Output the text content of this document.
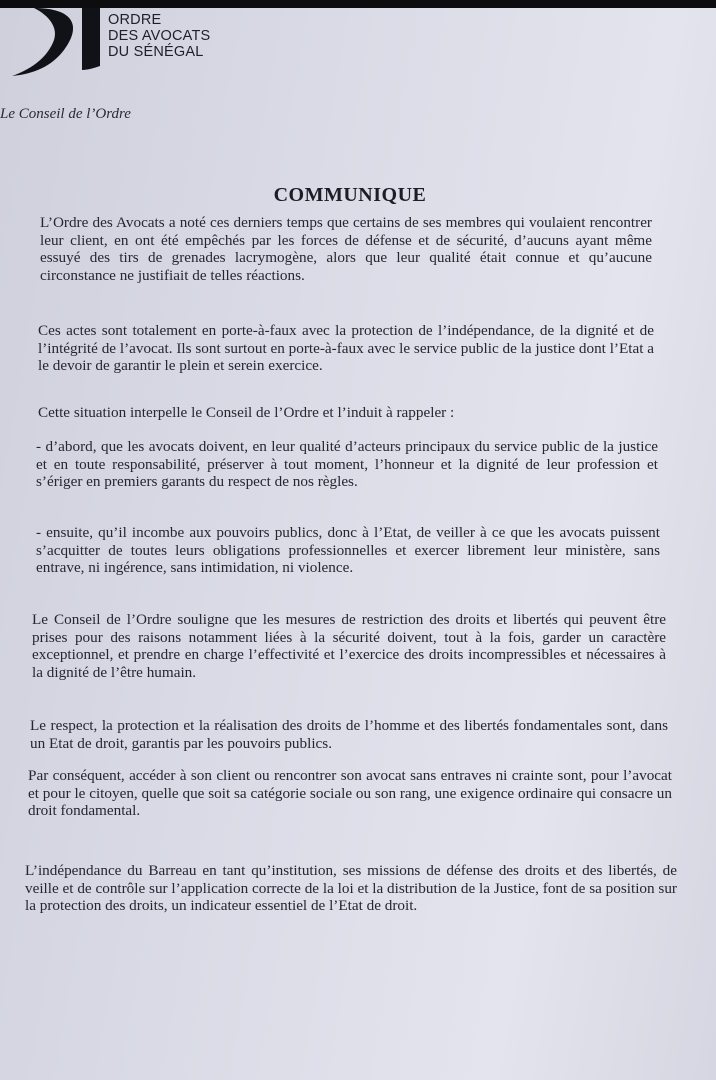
ORDRE
DES AVOCATS
DU SÉNÉGAL
Le Conseil de l’Ordre
COMMUNIQUE

L’Ordre des Avocats a noté ces derniers temps que certains de ses membres qui voulaient rencontrer leur client, en ont été empêchés par les forces de défense et de sécurité, d’aucuns ayant même essuyé des tirs de grenades lacrymogène, alors que leur qualité était connue et qu’aucune circonstance ne justifiait de telles réactions.

Ces actes sont totalement en porte-à-faux avec la protection de l’indépendance, de la dignité et de l’intégrité de l’avocat. Ils sont surtout en porte-à-faux avec le service public de la justice dont l’Etat a le devoir de garantir le plein et serein exercice.

Cette situation interpelle le Conseil de l’Ordre et l’induit à rappeler :

- d’abord, que les avocats doivent, en leur qualité d’acteurs principaux du service public de la justice et en toute responsabilité, préserver à tout moment, l’honneur et la dignité de leur profession et s’ériger en premiers garants du respect de nos règles.

- ensuite, qu’il incombe aux pouvoirs publics, donc à l’Etat, de veiller à ce que les avocats puissent s’acquitter de toutes leurs obligations professionnelles et exercer librement leur ministère, sans entrave, ni ingérence, sans intimidation, ni violence.

Le Conseil de l’Ordre souligne que les mesures de restriction des droits et libertés qui peuvent être prises pour des raisons notamment liées à la sécurité doivent, tout à la fois, garder un caractère exceptionnel, et prendre en charge l’effectivité et l’exercice des droits incompressibles et nécessaires à la dignité de l’être humain.

Le respect, la protection et la réalisation des droits de l’homme et des libertés fondamentales sont, dans un Etat de droit, garantis par les pouvoirs publics.

Par conséquent, accéder à son client ou rencontrer son avocat sans entraves ni crainte sont, pour l’avocat et pour le citoyen, quelle que soit sa catégorie sociale ou son rang, une exigence ordinaire qui consacre un droit fondamental.

L’indépendance du Barreau en tant qu’institution, ses missions de défense des droits et des libertés, de veille et de contrôle sur l’application correcte de la loi et la distribution de la Justice, font de sa position sur la protection des droits, un indicateur essentiel de l’Etat de droit.
